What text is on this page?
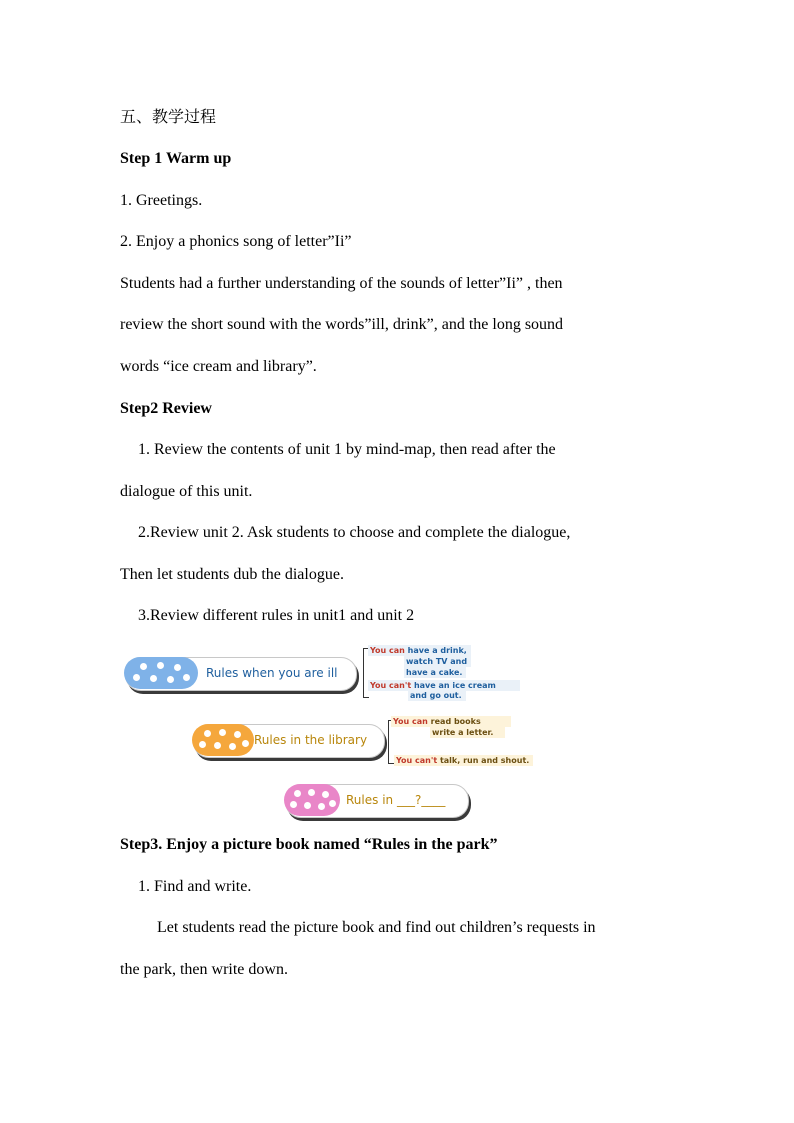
五、教学过程
Step 1 Warm up
1. Greetings.
2. Enjoy a phonics song of letter”Ii”
Students had a further understanding of the sounds of letter”Ii” , then
review the short sound with the words”ill, drink”, and the long sound
words “ice cream and library”.
Step2 Review
1. Review the contents of unit 1 by mind-map, then read after the
dialogue of this unit.
2.Review unit 2. Ask students to choose and complete the dialogue,
Then let students dub the dialogue.
3.Review different rules in unit1 and unit 2
Rules when you are ill
You can have a drink,
watch TV and
have a cake.
You can't have an ice cream
and go out.
Rules in the library
You can read books
write a letter.
You can't talk, run and shout.
Rules in ___?____
Step3. Enjoy a picture book named “Rules in the park”
1. Find and write.
Let students read the picture book and find out children’s requests in
the park, then write down.
